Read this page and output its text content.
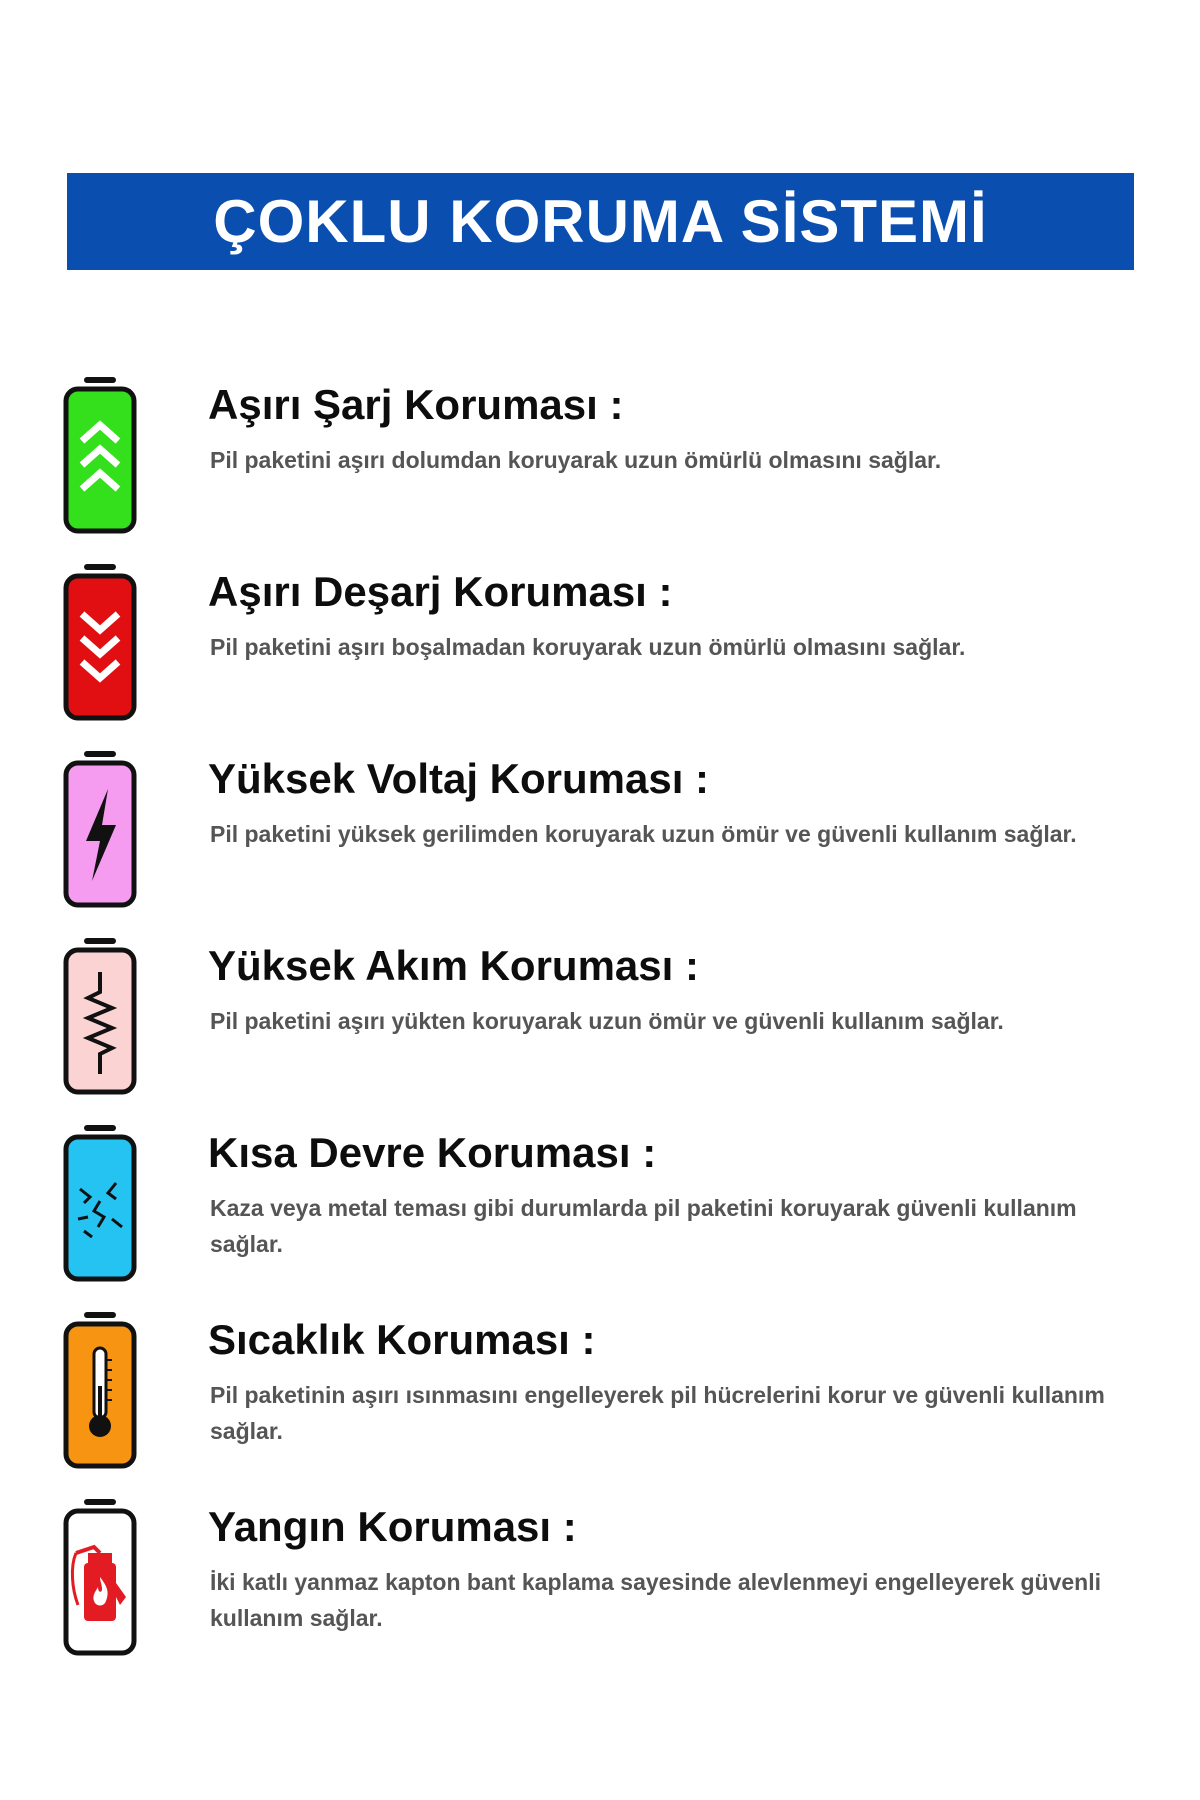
ÇOKLU KORUMA SİSTEMİ

Aşırı Şarj Koruması :

Pil paketini aşırı dolumdan koruyarak uzun ömürlü olmasını sağlar.

Aşırı Deşarj Koruması :

Pil paketini aşırı boşalmadan koruyarak uzun ömürlü olmasını sağlar.

Yüksek Voltaj Koruması :

Pil paketini yüksek gerilimden koruyarak uzun ömür ve güvenli kullanım sağlar.

Yüksek Akım Koruması :

Pil paketini aşırı yükten koruyarak uzun ömür ve güvenli kullanım sağlar.

Kısa Devre Koruması :

Kaza veya metal teması gibi durumlarda pil paketini koruyarak güvenli kullanım sağlar.

Sıcaklık Koruması :

Pil paketinin aşırı ısınmasını engelleyerek pil hücrelerini korur ve güvenli kullanım sağlar.

Yangın Koruması :

İki katlı yanmaz kapton bant kaplama sayesinde alevlenmeyi engelleyerek güvenli kullanım sağlar.
